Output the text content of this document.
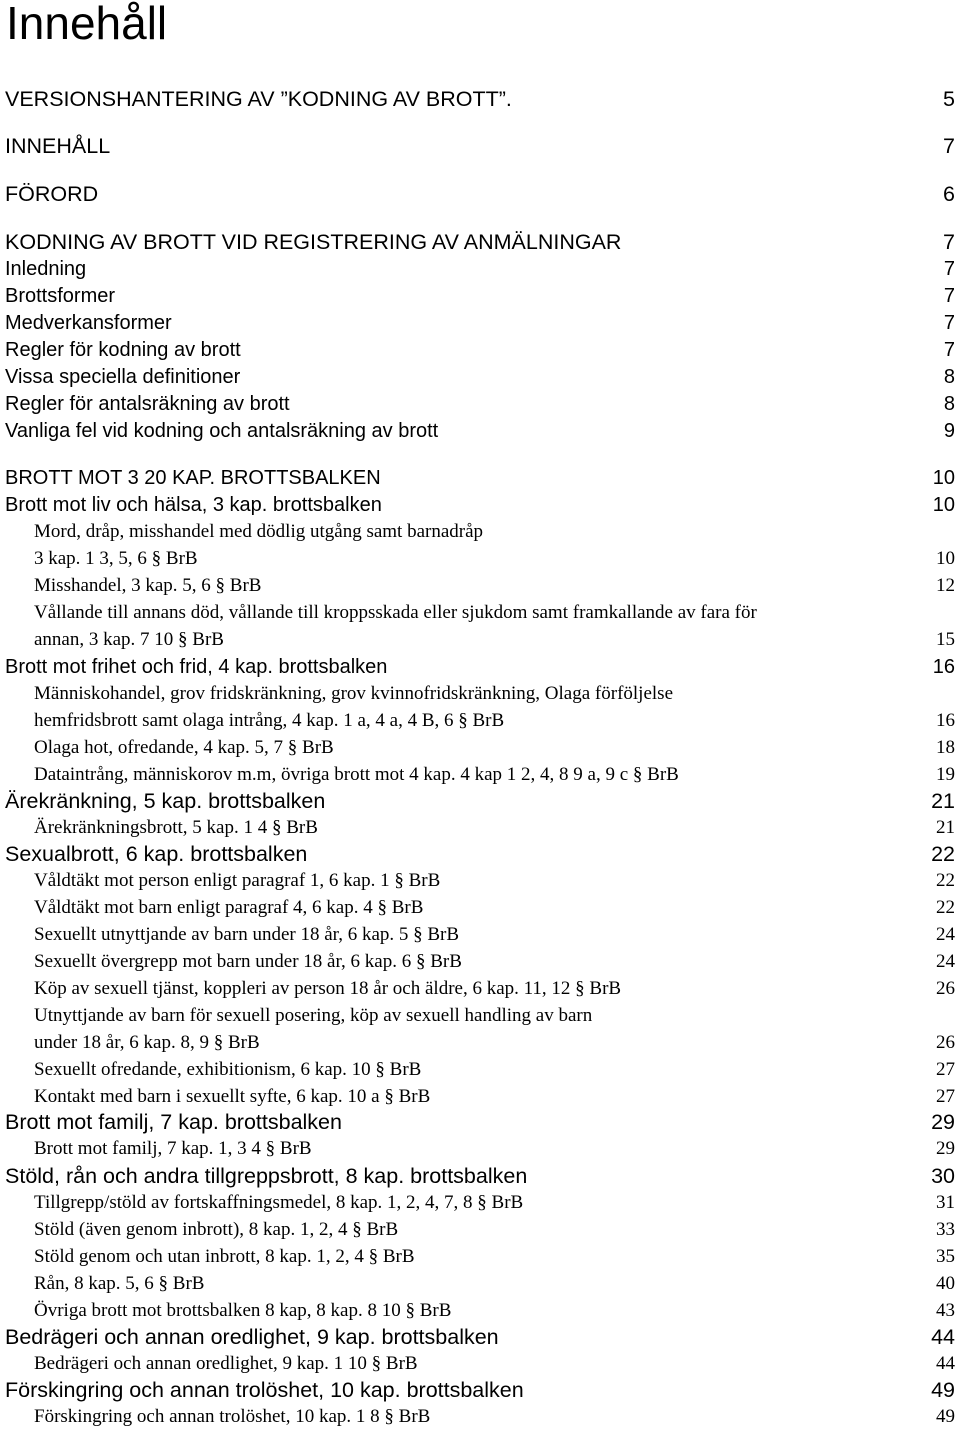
Innehåll
VERSIONSHANTERING AV ”KODNING AV BROTT”.	5
INNEHÅLL	7
FÖRORD	6
KODNING AV BROTT VID REGISTRERING AV ANMÄLNINGAR	7
Inledning	7
Brottsformer	7
Medverkansformer	7
Regler för kodning av brott	7
Vissa speciella definitioner	8
Regler för antalsräkning av brott	8
Vanliga fel vid kodning och antalsräkning av brott	9
BROTT MOT 3 20 KAP. BROTTSBALKEN	10
Brott mot liv och hälsa, 3 kap. brottsbalken	10
Mord, dråp, misshandel med dödlig utgång samt barnadråp
3 kap. 1 3, 5, 6 § BrB	10
Misshandel, 3 kap. 5, 6 § BrB	12
Vållande till annans död, vållande till kroppsskada eller sjukdom samt framkallande av fara för
annan, 3 kap. 7 10 § BrB	15
Brott mot frihet och frid, 4 kap. brottsbalken	16
Människohandel, grov fridskränkning, grov kvinnofridskränkning, Olaga förföljelse
hemfridsbrott samt olaga intrång, 4 kap. 1 a, 4 a, 4 B, 6 § BrB	16
Olaga hot, ofredande, 4 kap. 5, 7 § BrB	18
Dataintrång, människorov m.m, övriga brott mot 4 kap. 4 kap 1 2, 4, 8 9 a, 9 c § BrB	19
Ärekränkning, 5 kap. brottsbalken	21
Ärekränkningsbrott, 5 kap. 1 4 § BrB	21
Sexualbrott, 6 kap. brottsbalken	22
Våldtäkt mot person enligt paragraf 1, 6 kap. 1 § BrB	22
Våldtäkt mot barn enligt paragraf 4, 6 kap. 4 § BrB	22
Sexuellt utnyttjande av barn under 18 år, 6 kap. 5 § BrB	24
Sexuellt övergrepp mot barn under 18 år, 6 kap. 6 § BrB	24
Köp av sexuell tjänst, koppleri av person 18 år och äldre, 6 kap. 11, 12 § BrB	26
Utnyttjande av barn för sexuell posering, köp av sexuell handling av barn
under 18 år, 6 kap. 8, 9 § BrB	26
Sexuellt ofredande, exhibitionism, 6 kap. 10 § BrB	27
Kontakt med barn i sexuellt syfte, 6 kap. 10 a § BrB	27
Brott mot familj, 7 kap. brottsbalken	29
Brott mot familj, 7 kap. 1, 3 4 § BrB	29
Stöld, rån och andra tillgreppsbrott, 8 kap. brottsbalken	30
Tillgrepp/stöld av fortskaffningsmedel, 8 kap. 1, 2, 4, 7, 8 § BrB	31
Stöld (även genom inbrott), 8 kap. 1, 2, 4 § BrB	33
Stöld genom och utan inbrott, 8 kap. 1, 2, 4 § BrB	35
Rån, 8 kap. 5, 6 § BrB	40
Övriga brott mot brottsbalken 8 kap, 8 kap. 8 10 § BrB	43
Bedrägeri och annan oredlighet, 9 kap. brottsbalken	44
Bedrägeri och annan oredlighet, 9 kap. 1 10 § BrB	44
Förskingring och annan trolöshet, 10 kap. brottsbalken	49
Förskingring och annan trolöshet, 10 kap. 1 8 § BrB	49
